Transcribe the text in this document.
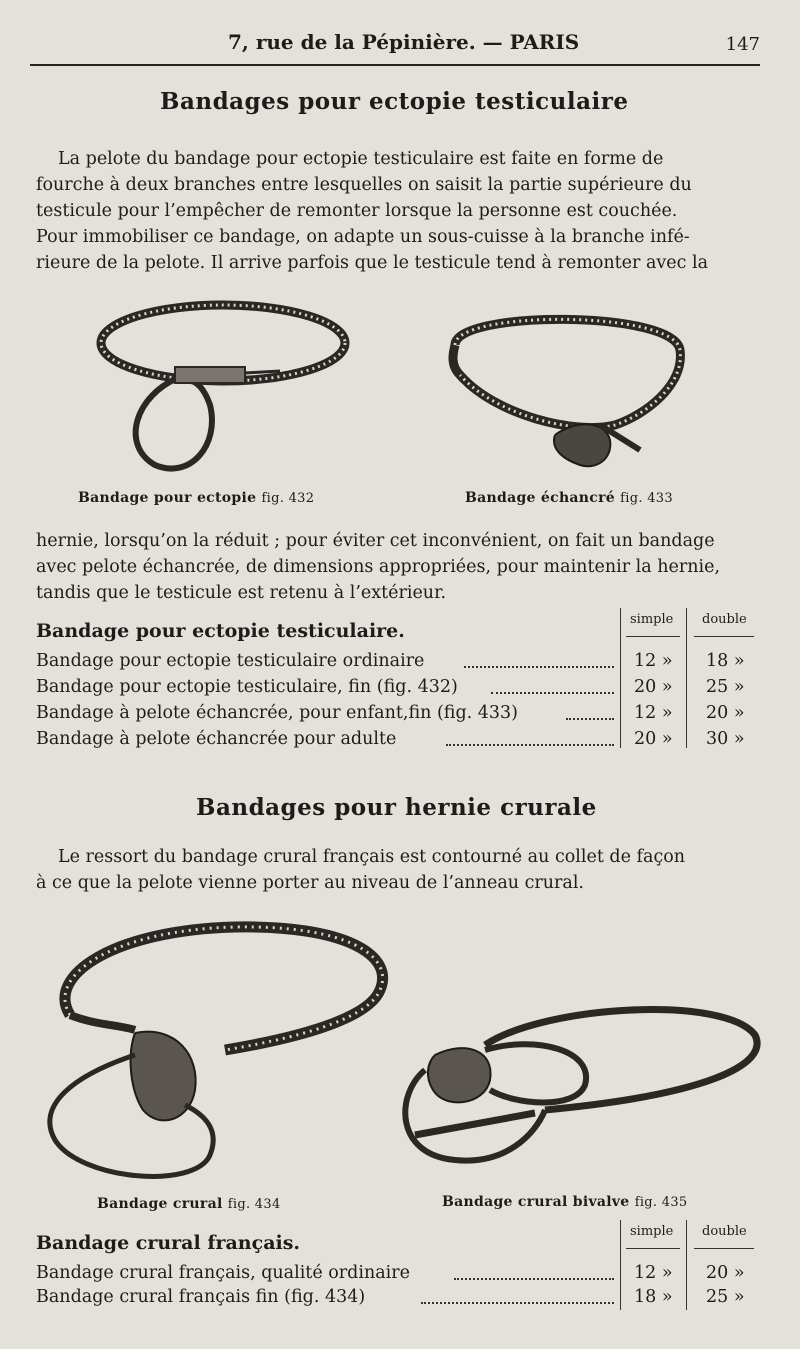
7, rue de la Pépinière. — PARIS	147
Bandages pour ectopie testiculaire
La pelote du bandage pour ectopie testiculaire est faite en forme de
fourche à deux branches entre lesquelles on saisit la partie supérieure du
testicule pour l’empêcher de remonter lorsque la personne est couchée.
Pour immobiliser ce bandage, on adapte un sous-cuisse à la branche infé-
rieure de la pelote. Il arrive parfois que le testicule tend à remonter avec la
Bandage pour ectopie fig. 432	Bandage échancré fig. 433
hernie, lorsqu’on la réduit ; pour éviter cet inconvénient, on fait un bandage
avec pelote échancrée, de dimensions appropriées, pour maintenir la hernie,
tandis que le testicule est retenu à l’extérieur.
simple double
Bandage pour ectopie testiculaire.
Bandage pour ectopie testiculaire ordinaire	12 »	18 »
Bandage pour ectopie testiculaire, fin (fig. 432)	20 »	25 »
Bandage à pelote échancrée, pour enfant,fin (fig. 433)	12 »	20 »
Bandage à pelote échancrée pour adulte	20 »	30 »
Bandages pour hernie crurale
Le ressort du bandage crural français est contourné au collet de façon
à ce que la pelote vienne porter au niveau de l’anneau crural.
Bandage crural fig. 434	Bandage crural bivalve fig. 435
simple double
Bandage crural français.
Bandage crural français, qualité ordinaire	12 »	20 »
Bandage crural français fin (fig. 434)	18 »	25 »
